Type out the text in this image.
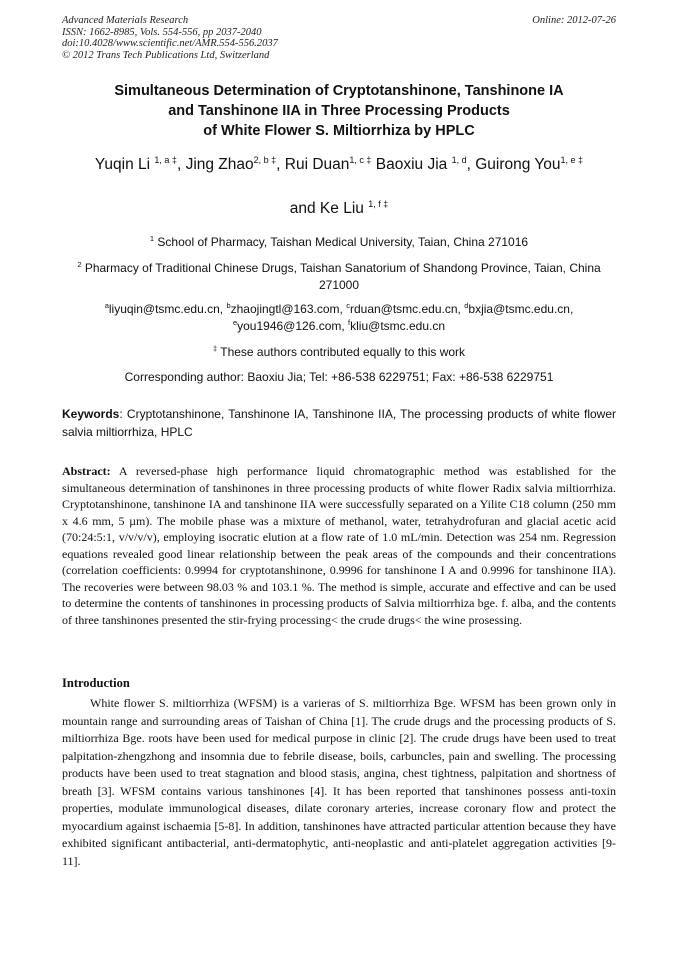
Advanced Materials Research
ISSN: 1662-8985, Vols. 554-556, pp 2037-2040
doi:10.4028/www.scientific.net/AMR.554-556.2037
© 2012 Trans Tech Publications Ltd, Switzerland
Online: 2012-07-26
Simultaneous Determination of Cryptotanshinone, Tanshinone IA
and Tanshinone IIA in Three Processing Products
of White Flower S. Miltiorrhiza by HPLC
Yuqin Li $^{1, a \ddagger}$, Jing Zhao$^{2, b \ddagger}$, Rui Duan$^{1, c \ddagger}$ Baoxiu Jia $^{1, d}$, Guirong You$^{1, e \ddagger}$
and Ke Liu $^{1, f \ddagger}$
$^1$ School of Pharmacy, Taishan Medical University, Taian, China 271016
$^2$ Pharmacy of Traditional Chinese Drugs, Taishan Sanatorium of Shandong Province, Taian, China 271000
$^a$liyuqin@tsmc.edu.cn, $^b$zhaojingtl@163.com, $^c$rduan@tsmc.edu.cn, $^d$bxjia@tsmc.edu.cn,
$^e$you1946@126.com, $^f$kliu@tsmc.edu.cn
‡ These authors contributed equally to this work
Corresponding author: Baoxiu Jia; Tel: +86-538 6229751; Fax: +86-538 6229751
Keywords: Cryptotanshinone, Tanshinone IA, Tanshinone IIA, The processing products of white flower salvia miltiorrhiza, HPLC
Abstract: A reversed-phase high performance liquid chromatographic method was established for the simultaneous determination of tanshinones in three processing products of white flower Radix salvia miltiorrhiza. Cryptotanshinone, tanshinone IA and tanshinone IIA were successfully separated on a Yilite C18 column (250 mm x 4.6 mm, 5 µm). The mobile phase was a mixture of methanol, water, tetrahydrofuran and glacial acetic acid (70:24:5:1, v/v/v/v), employing isocratic elution at a flow rate of 1.0 mL/min. Detection was 254 nm. Regression equations revealed good linear relationship between the peak areas of the compounds and their concentrations (correlation coefficients: 0.9994 for cryptotanshinone, 0.9996 for tanshinone I A and 0.9996 for tanshinone IIA). The recoveries were between 98.03 % and 103.1 %. The method is simple, accurate and effective and can be used to determine the contents of tanshinones in processing products of Salvia miltiorrhiza bge. f. alba, and the contents of three tanshinones presented the stir-frying processing< the crude drugs< the wine prosessing.
Introduction
White flower S. miltiorrhiza (WFSM) is a varieras of S. miltiorrhiza Bge. WFSM has been grown only in mountain range and surrounding areas of Taishan of China [1]. The crude drugs and the processing products of S. miltiorrhiza Bge. roots have been used for medical purpose in clinic [2]. The crude drugs have been used to treat palpitation-zhengzhong and insomnia due to febrile disease, boils, carbuncles, pain and swelling. The processing products have been used to treat stagnation and blood stasis, angina, chest tightness, palpitation and shortness of breath [3]. WFSM contains various tanshinones [4]. It has been reported that tanshinones possess anti-toxin properties, modulate immunological diseases, dilate coronary arteries, increase coronary flow and protect the myocardium against ischaemia [5-8]. In addition, tanshinones have attracted particular attention because they have exhibited significant antibacterial, anti-dermatophytic, anti-neoplastic and anti-platelet aggregation activities [9-11].
